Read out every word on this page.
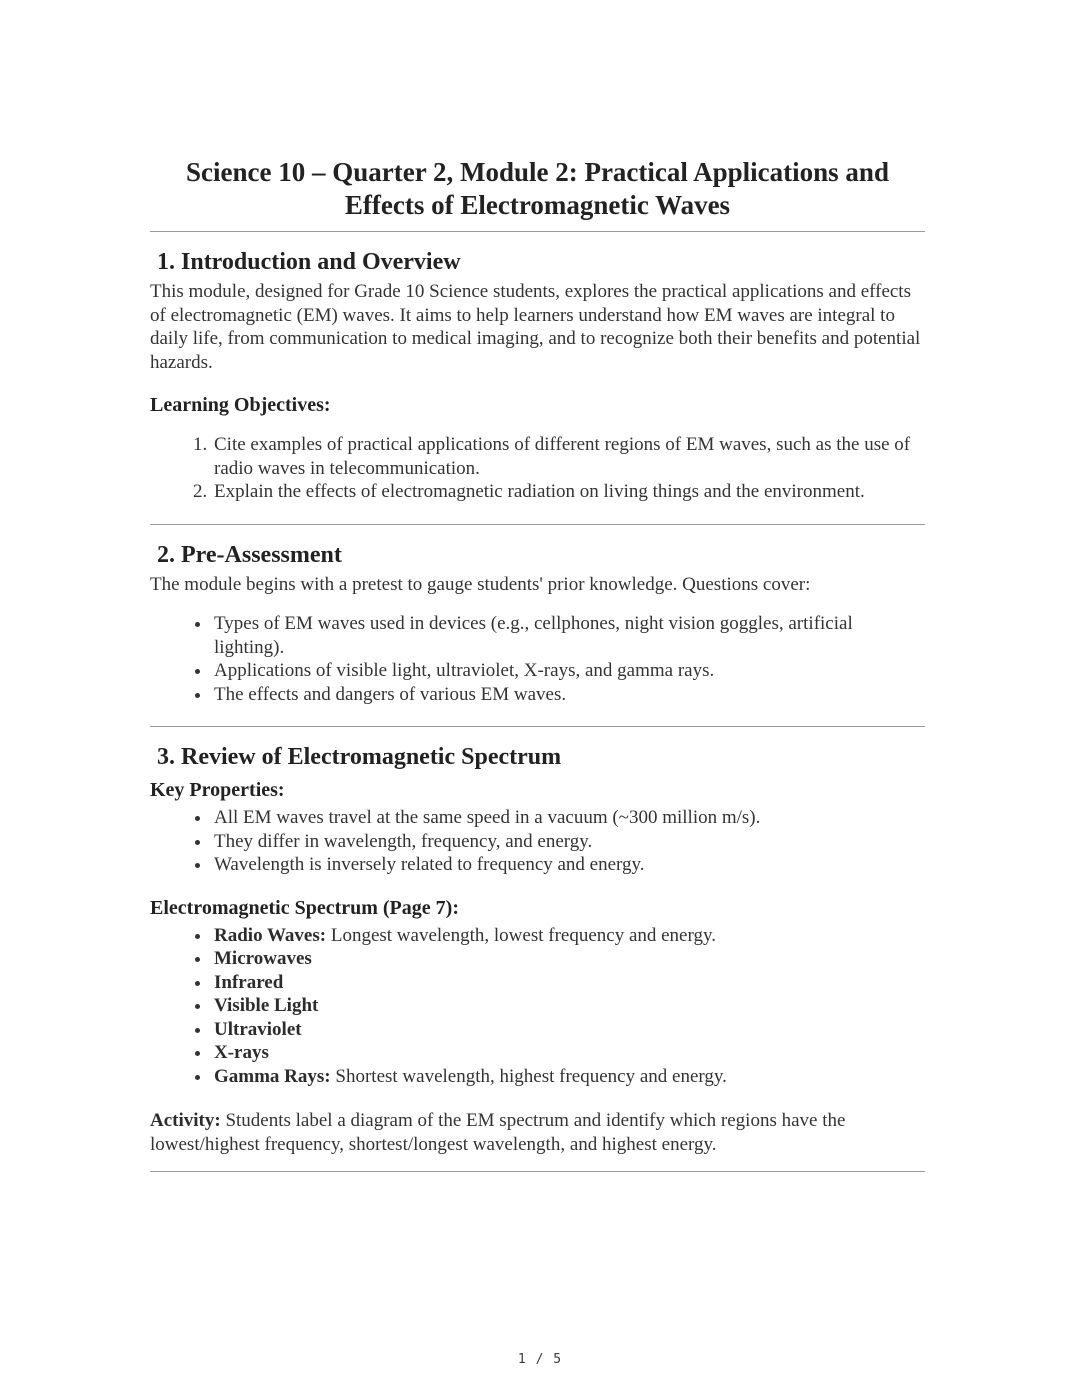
Science 10 – Quarter 2, Module 2: Practical Applications and Effects of Electromagnetic Waves
1. Introduction and Overview

This module, designed for Grade 10 Science students, explores the practical applications and effects of electromagnetic (EM) waves. It aims to help learners understand how EM waves are integral to daily life, from communication to medical imaging, and to recognize both their benefits and potential hazards.

Learning Objectives:
1. Cite examples of practical applications of different regions of EM waves, such as the use of radio waves in telecommunication.
2. Explain the effects of electromagnetic radiation on living things and the environment.
2. Pre-Assessment

The module begins with a pretest to gauge students' prior knowledge. Questions cover:

• Types of EM waves used in devices (e.g., cellphones, night vision goggles, artificial lighting).
• Applications of visible light, ultraviolet, X-rays, and gamma rays.
• The effects and dangers of various EM waves.
3. Review of Electromagnetic Spectrum
Key Properties:
• All EM waves travel at the same speed in a vacuum (~300 million m/s).
• They differ in wavelength, frequency, and energy.
• Wavelength is inversely related to frequency and energy.
Electromagnetic Spectrum (Page 7):
• Radio Waves: Longest wavelength, lowest frequency and energy.
• Microwaves
• Infrared
• Visible Light
• Ultraviolet
• X-rays
• Gamma Rays: Shortest wavelength, highest frequency and energy.

Activity: Students label a diagram of the EM spectrum and identify which regions have the lowest/highest frequency, shortest/longest wavelength, and highest energy.

1 / 5
